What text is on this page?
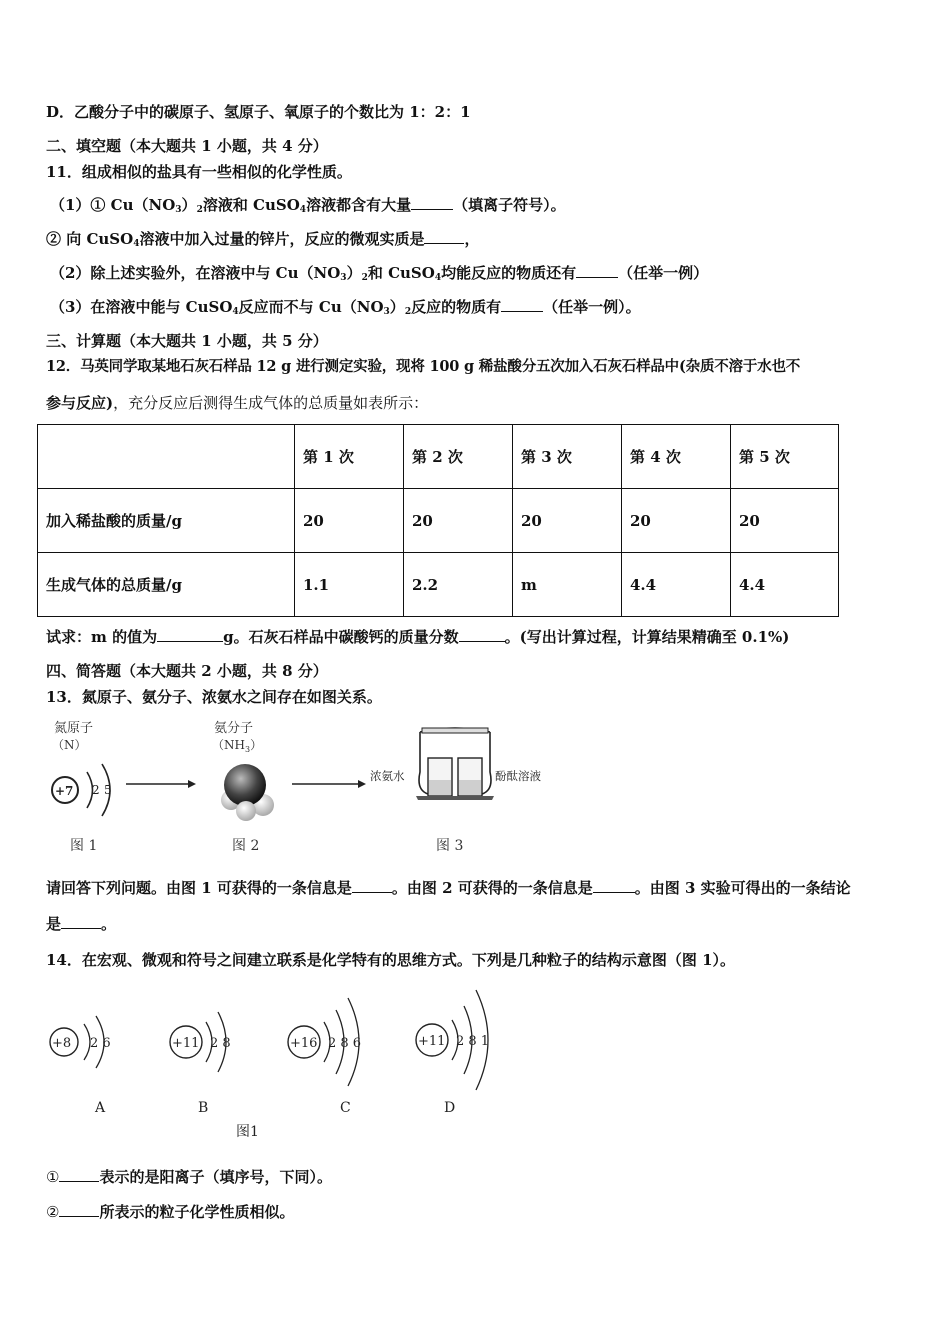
D．乙酸分子中的碳原子、氢原子、氧原子的个数比为 1：2：1
二、填空题（本大题共 1 小题，共 4 分）
11．组成相似的盐具有一些相似的化学性质。
（1）① $Cu(NO_3)_2$溶液和 CuSO$_4$溶液都含有大量	（填离子符号）。
② 向 CuSO$_4$溶液中加入过量的锌片，反应的微观实质是	，
（2）除上述实验外，在溶液中与 $Cu(NO_3)_2$和 CuSO$_4$均能反应的物质还有	（任举一例）
（3）在溶液中能与 CuSO$_4$反应而不与 $Cu(NO_3)_2$反应的物质有	（任举一例）。
三、计算题（本大题共 1 小题，共 5 分）
12．马英同学取某地石灰石样品 12 g 进行测定实验，现将 100 g 稀盐酸分五次加入石灰石样品中(杂质不溶于水也不
参与反应)，充分反应后测得生成气体的总质量如表所示：
	第 1 次	第 2 次	第 3 次	第 4 次	第 5 次
加入稀盐酸的质量/g	20	20	20	20	20
生成气体的总质量/g	1.1	2.2	m	4.4	4.4
试求：m 的值为	g。石灰石样品中碳酸钙的质量分数	。(写出计算过程，计算结果精确至 0.1%)
四、简答题（本大题共 2 小题，共 8 分）
13．氮原子、氨分子、浓氨水之间存在如图关系。
氮原子
（N）
+7 2 5
图 1
氨分子
$(NH_3)$
图 2
浓氨水	酚酞溶液
图 3
请回答下列问题。由图 1 可获得的一条信息是	。由图 2 可获得的一条信息是	。由图 3 实验可得出的一条结论
是	。
14．在宏观、微观和符号之间建立联系是化学特有的思维方式。下列是几种粒子的结构示意图（图 1）。
+8 2 6
A
+11 2 8
B
+16 2 8 6
C
+11 2 8 1
D
图1
①	表示的是阳离子（填序号，下同）。
②	所表示的粒子化学性质相似。
